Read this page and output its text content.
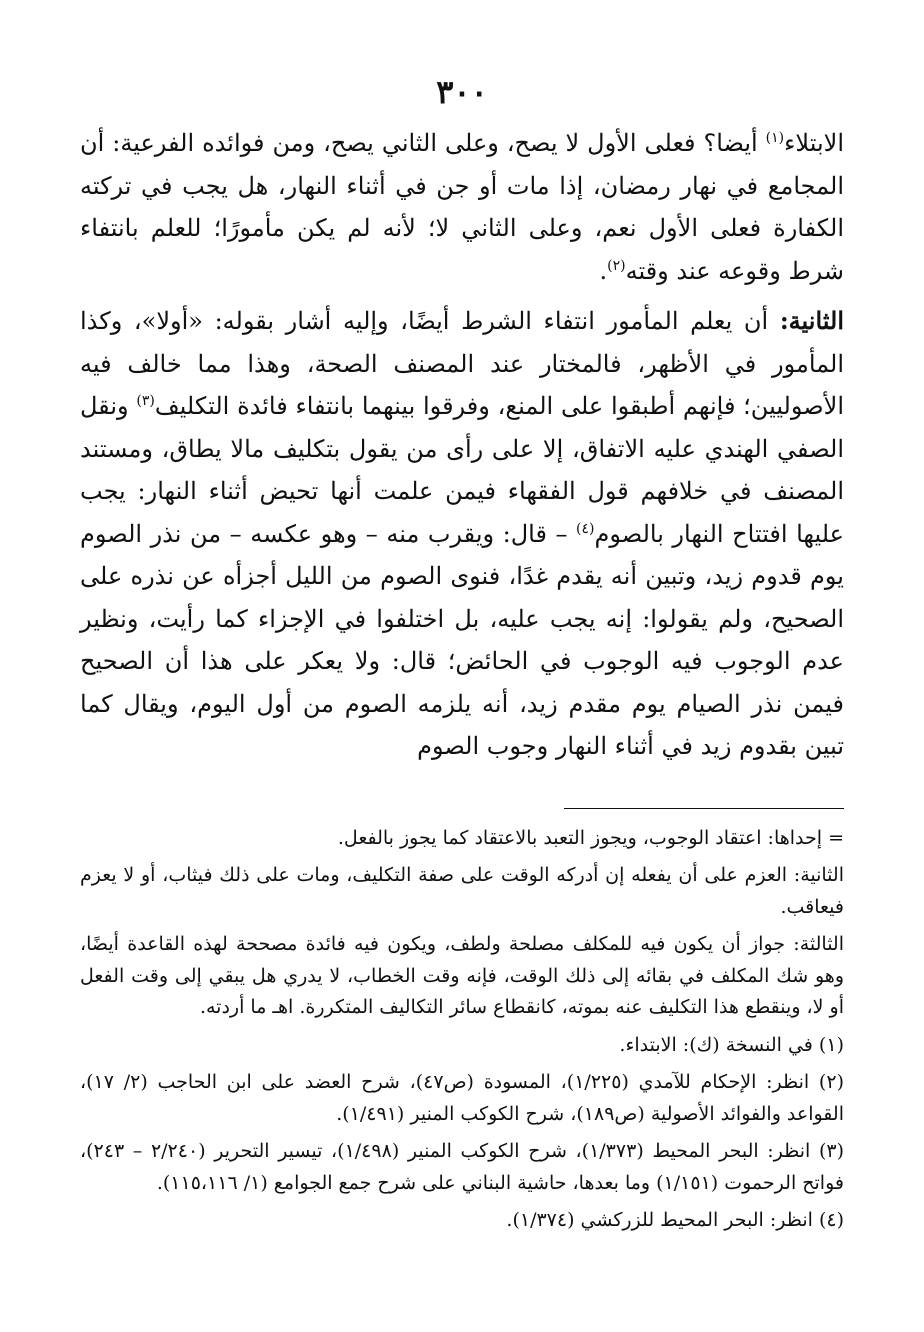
٣٠٠

الابتلاء$^{(١)}$ أيضا؟ فعلى الأول لا يصح، وعلى الثاني يصح، ومن فوائده الفرعية: أن المجامع في نهار رمضان، إذا مات أو جن في أثناء النهار، هل يجب في تركته الكفارة فعلى الأول نعم، وعلى الثاني لا؛ لأنه لم يكن مأمورًا؛ للعلم بانتفاء شرط وقوعه عند وقته$^{(٢)}$.

الثانية: أن يعلم المأمور انتفاء الشرط أيضًا، وإليه أشار بقوله: «أولا»، وكذا المأمور في الأظهر، فالمختار عند المصنف الصحة، وهذا مما خالف فيه الأصوليين؛ فإنهم أطبقوا على المنع، وفرقوا بينهما بانتفاء فائدة التكليف$^{(٣)}$ ونقل الصفي الهندي عليه الاتفاق، إلا على رأى من يقول بتكليف مالا يطاق، ومستند المصنف في خلافهم قول الفقهاء فيمن علمت أنها تحيض أثناء النهار: يجب عليها افتتاح النهار بالصوم$^{(٤)}$ – قال: ويقرب منه – وهو عكسه – من نذر الصوم يوم قدوم زيد، وتبين أنه يقدم غدًا، فنوى الصوم من الليل أجزأه عن نذره على الصحيح، ولم يقولوا: إنه يجب عليه، بل اختلفوا في الإجزاء كما رأيت، ونظير عدم الوجوب فيه الوجوب في الحائض؛ قال: ولا يعكر على هذا أن الصحيح فيمن نذر الصيام يوم مقدم زيد، أنه يلزمه الصوم من أول اليوم، ويقال كما تبين بقدوم زيد في أثناء النهار وجوب الصوم

= إحداها: اعتقاد الوجوب، ويجوز التعبد بالاعتقاد كما يجوز بالفعل.

الثانية: العزم على أن يفعله إن أدركه الوقت على صفة التكليف، ومات على ذلك فيثاب، أو لا يعزم فيعاقب.

الثالثة: جواز أن يكون فيه للمكلف مصلحة ولطف، ويكون فيه فائدة مصححة لهذه القاعدة أيضًا، وهو شك المكلف في بقائه إلى ذلك الوقت، فإنه وقت الخطاب، لا يدري هل يبقي إلى وقت الفعل أو لا، وينقطع هذا التكليف عنه بموته، كانقطاع سائر التكاليف المتكررة. اهـ ما أردته.

(١) في النسخة (ك): الابتداء.

(٢) انظر: الإحكام للآمدي (١/٢٢٥)، المسودة (ص٤٧)، شرح العضد على ابن الحاجب (٢/ ١٧)، القواعد والفوائد الأصولية (ص١٨٩)، شرح الكوكب المنير (١/٤٩١).

(٣) انظر: البحر المحيط (١/٣٧٣)، شرح الكوكب المنير (١/٤٩٨)، تيسير التحرير (٢/٢٤٠ – ٢٤٣)، فواتح الرحموت (١/١٥١) وما بعدها، حاشية البناني على شرح جمع الجوامع (١/ ١١٥،١١٦).

(٤) انظر: البحر المحيط للزركشي (١/٣٧٤).
